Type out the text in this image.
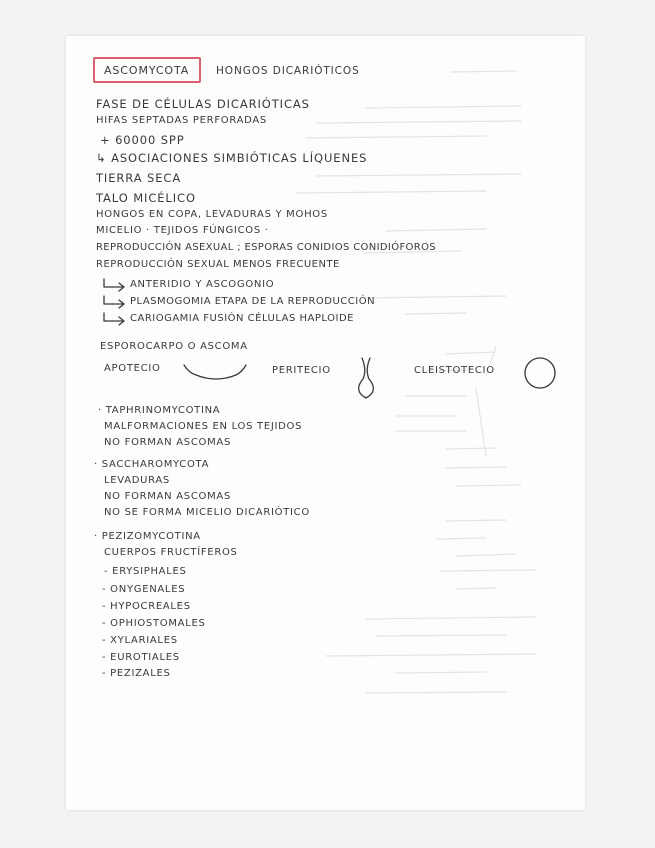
ASCOMYCOTA	HONGOS DICARIÓTICOS

FASE DE CÉLULAS DICARIÓTICAS

HIFAS SEPTADAS PERFORADAS

+ 60000 SPP

↳ ASOCIACIONES SIMBIÓTICAS LÍQUENES

TIERRA SECA

TALO MICÉLICO

HONGOS EN COPA, LEVADURAS Y MOHOS

MICELIO · TEJIDOS FÚNGICOS ·

REPRODUCCIÓN ASEXUAL ; ESPORAS CONIDIOS CONIDIÓFOROS

REPRODUCCIÓN SEXUAL MENOS FRECUENTE

ANTERIDIO Y ASCOGONIO

PLASMOGOMIA ETAPA DE LA REPRODUCCIÓN

CARIOGAMIA FUSIÓN CÉLULAS HAPLOIDE

ESPOROCARPO O ASCOMA

APOTECIO	PERITECIO	CLEISTOTECIO

· TAPHRINOMYCOTINA

MALFORMACIONES EN LOS TEJIDOS

NO FORMAN ASCOMAS

· SACCHAROMYCOTA

LEVADURAS

NO FORMAN ASCOMAS

NO SE FORMA MICELIO DICARIÓTICO

· PEZIZOMYCOTINA

CUERPOS FRUCTÍFEROS

- ERYSIPHALES

- ONYGENALES

- HYPOCREALES

- OPHIOSTOMALES

- XYLARIALES

- EUROTIALES

- PEZIZALES
